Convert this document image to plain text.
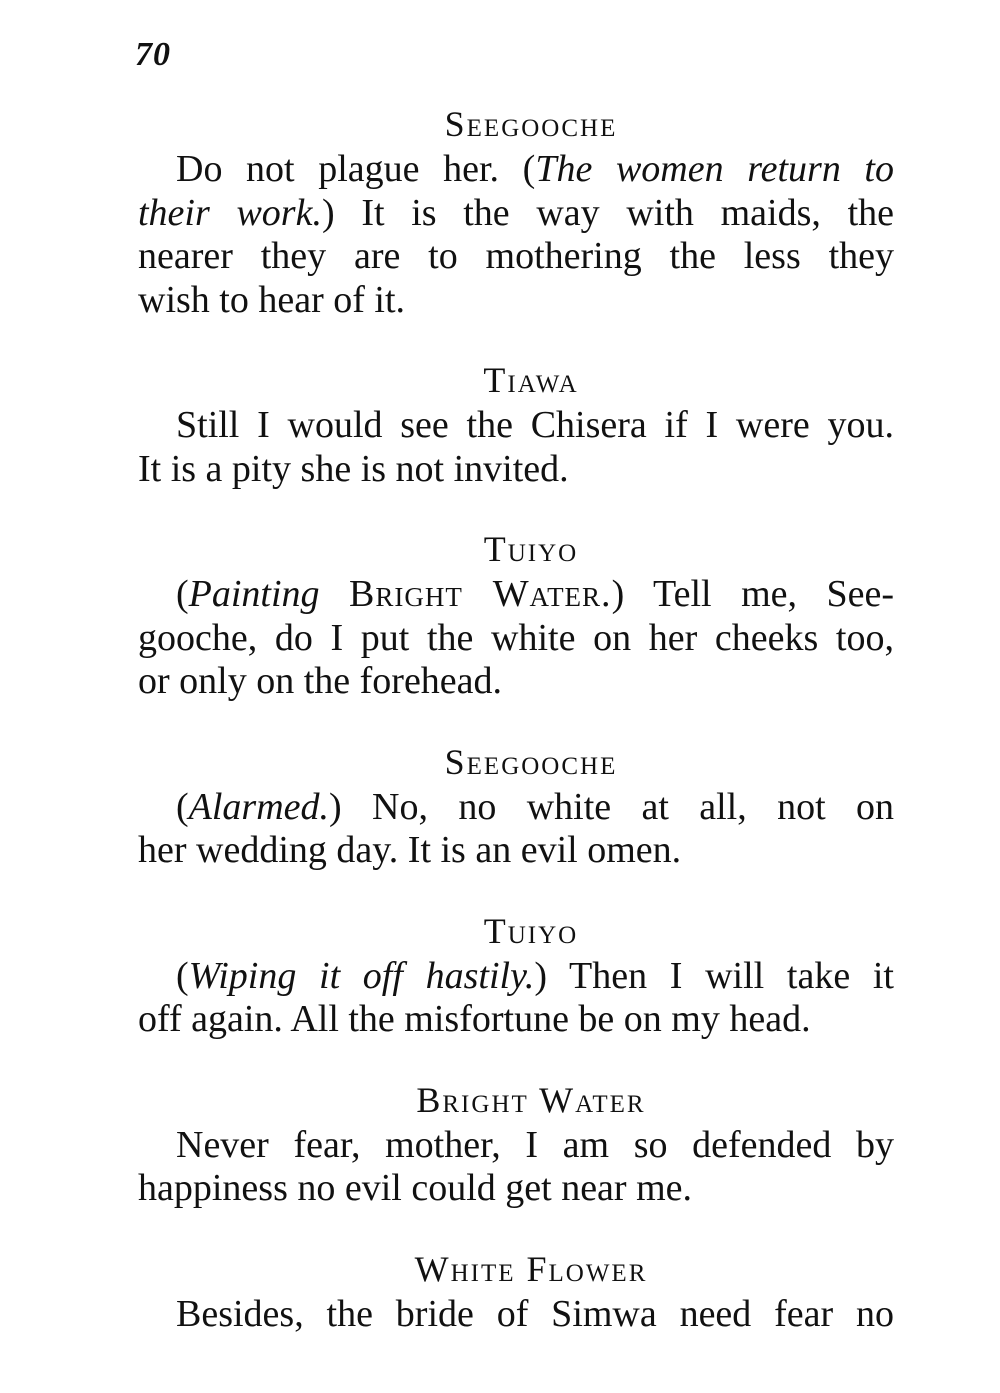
70
Seegooche
Do not plague her. (The women return to
their work.) It is the way with maids, the
nearer they are to mothering the less they
wish to hear of it.
Tiawa
Still I would see the Chisera if I were you.
It is a pity she is not invited.
Tuiyo
(Painting Bright Water.) Tell me, See-
gooche, do I put the white on her cheeks too,
or only on the forehead.
Seegooche
(Alarmed.) No, no white at all, not on
her wedding day. It is an evil omen.
Tuiyo
(Wiping it off hastily.) Then I will take it
off again. All the misfortune be on my head.
Bright Water
Never fear, mother, I am so defended by
happiness no evil could get near me.
White Flower
Besides, the bride of Simwa need fear no
